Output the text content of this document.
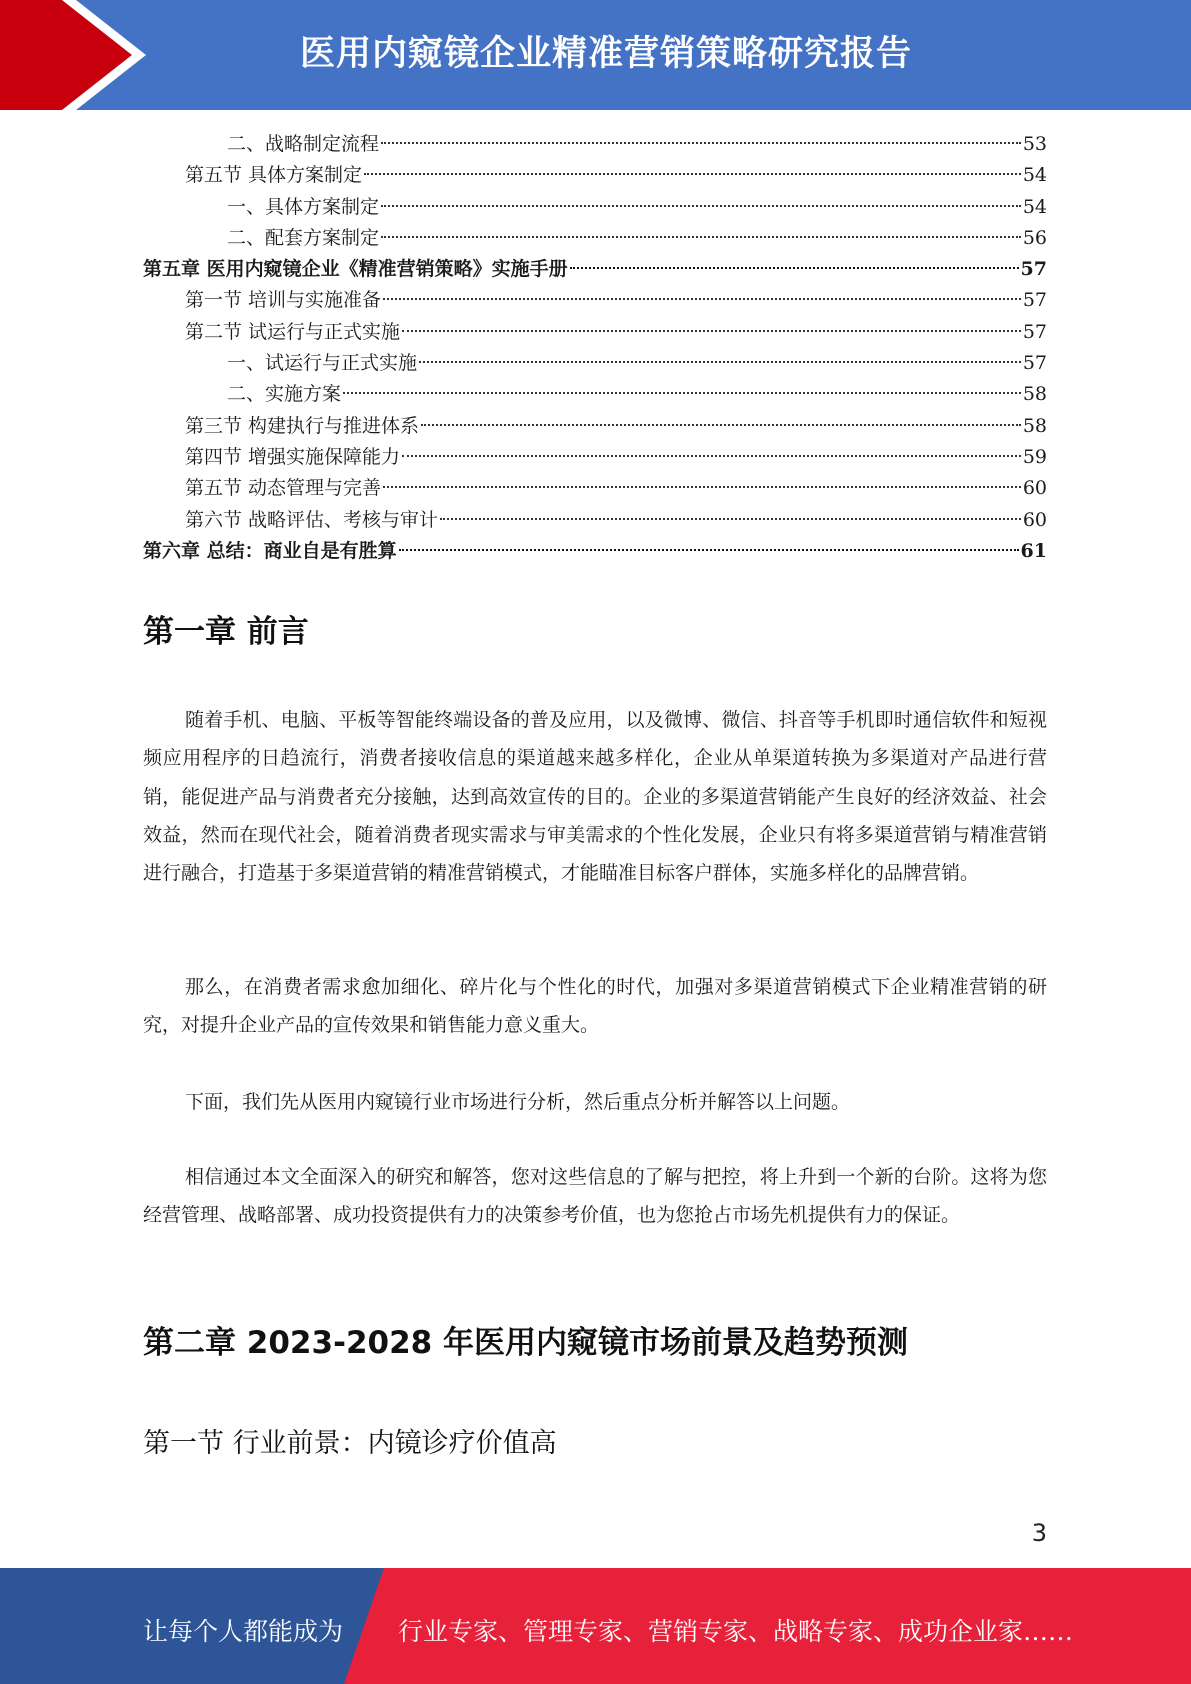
医用内窥镜企业精准营销策略研究报告
二、战略制定流程	53
第五节 具体方案制定	54
一、具体方案制定	54
二、配套方案制定	56
第五章 医用内窥镜企业《精准营销策略》实施手册	57
第一节 培训与实施准备	57
第二节 试运行与正式实施	57
一、试运行与正式实施	57
二、实施方案	58
第三节 构建执行与推进体系	58
第四节 增强实施保障能力	59
第五节 动态管理与完善	60
第六节 战略评估、考核与审计	60
第六章 总结：商业自是有胜算	61
第一章 前言
随着手机、电脑、平板等智能终端设备的普及应用，以及微博、微信、抖音等手机即时通信软件和短视频应用程序的日趋流行，消费者接收信息的渠道越来越多样化，企业从单渠道转换为多渠道对产品进行营销，能促进产品与消费者充分接触，达到高效宣传的目的。企业的多渠道营销能产生良好的经济效益、社会效益，然而在现代社会，随着消费者现实需求与审美需求的个性化发展，企业只有将多渠道营销与精准营销进行融合，打造基于多渠道营销的精准营销模式，才能瞄准目标客户群体，实施多样化的品牌营销。
那么，在消费者需求愈加细化、碎片化与个性化的时代，加强对多渠道营销模式下企业精准营销的研究，对提升企业产品的宣传效果和销售能力意义重大。
下面，我们先从医用内窥镜行业市场进行分析，然后重点分析并解答以上问题。
相信通过本文全面深入的研究和解答，您对这些信息的了解与把控，将上升到一个新的台阶。这将为您经营管理、战略部署、成功投资提供有力的决策参考价值，也为您抢占市场先机提供有力的保证。
第二章 2023-2028 年医用内窥镜市场前景及趋势预测
第一节 行业前景：内镜诊疗价值高
3
让每个人都能成为 行业专家、管理专家、营销专家、战略专家、成功企业家……
